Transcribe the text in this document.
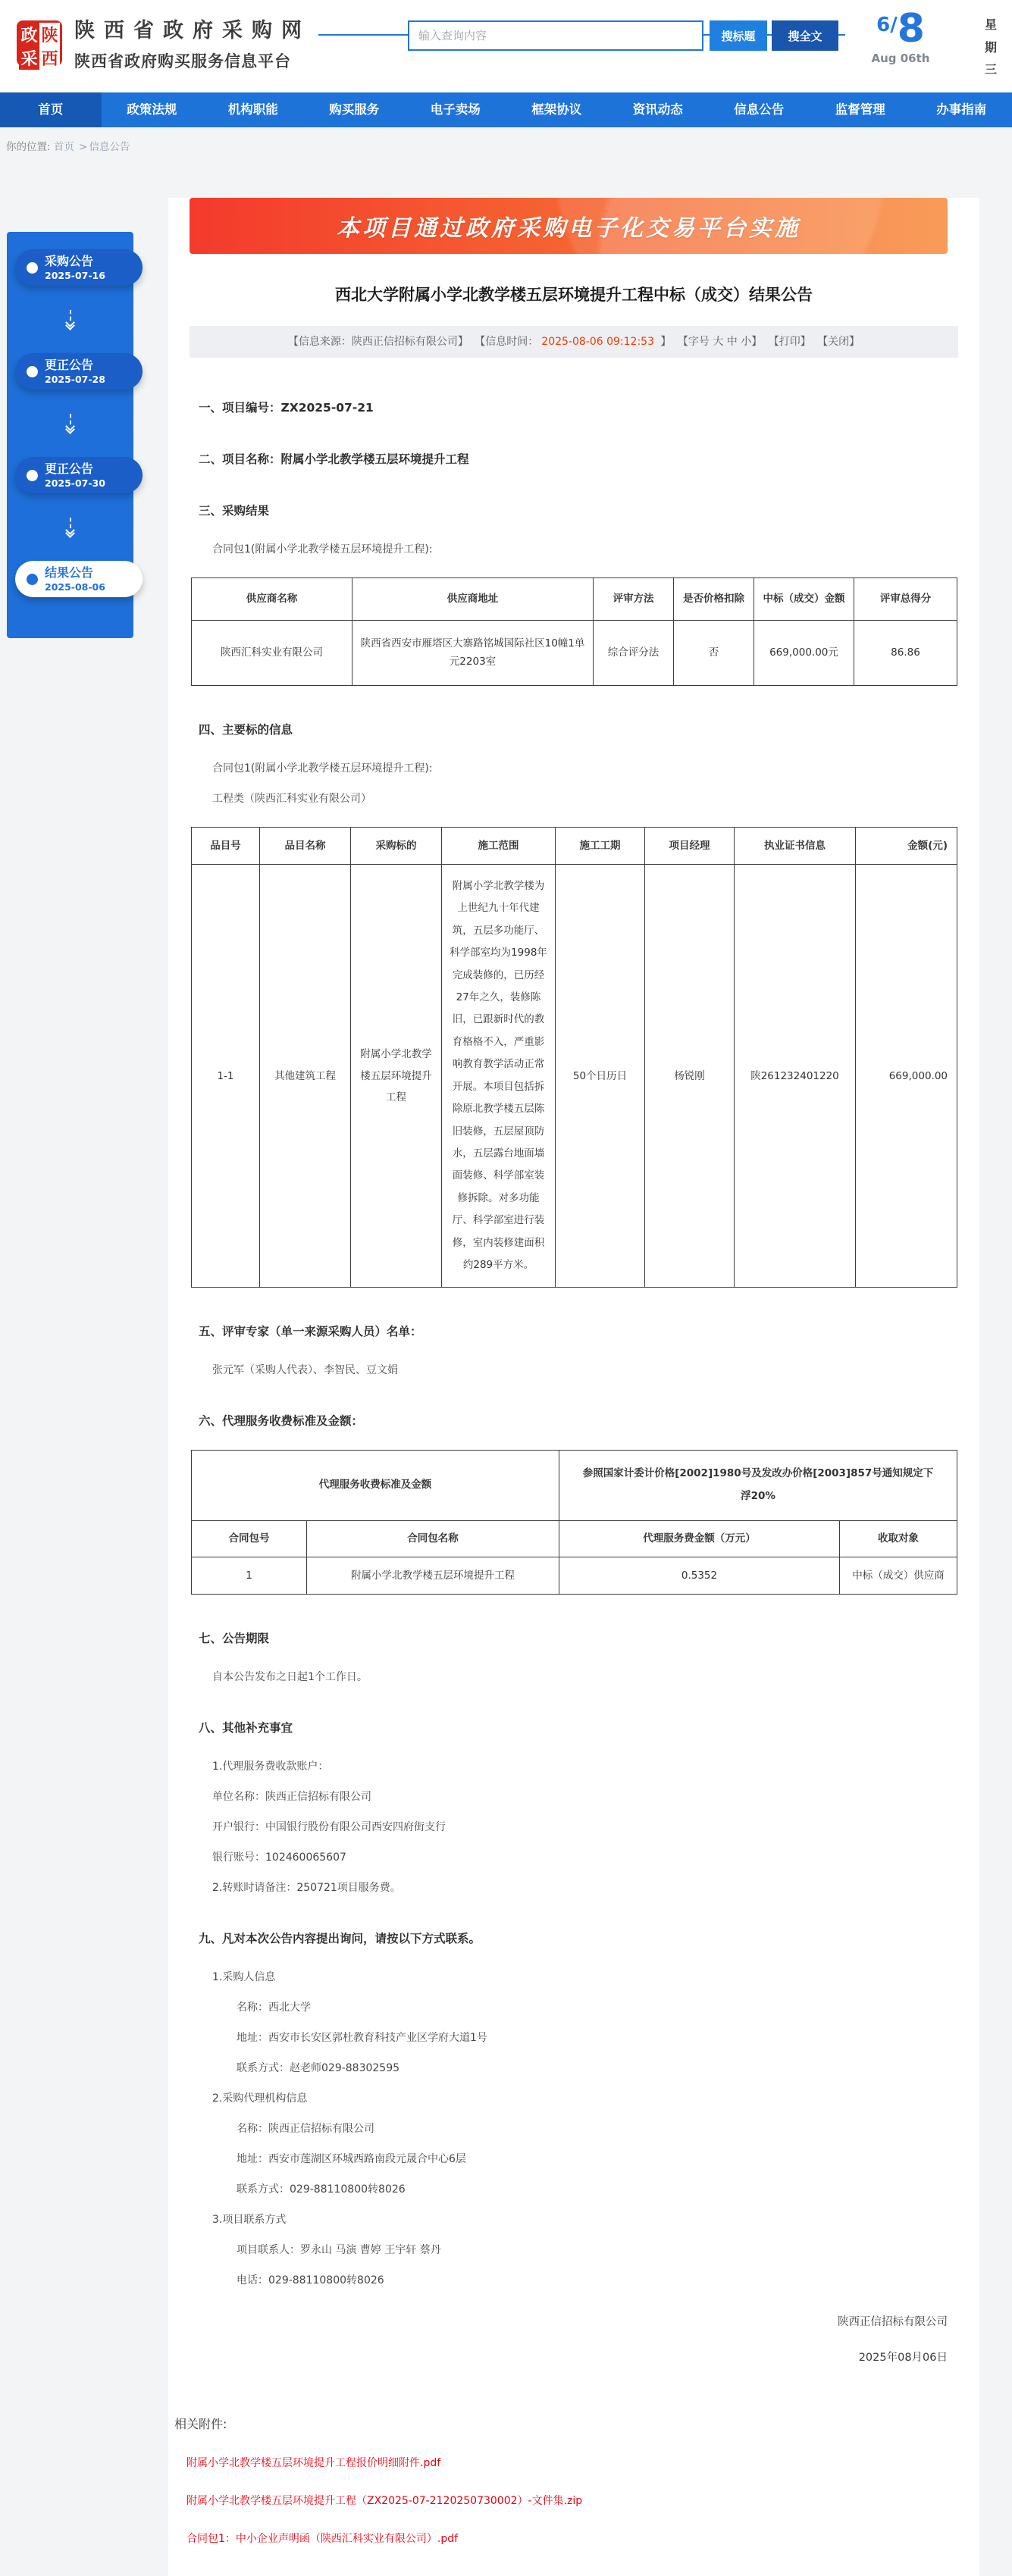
政 陕
采 西
陕西省政府采购网
陕西省政府购买服务信息平台
输入查询内容
搜标题	搜全文	6/8
Aug 06th
星
期
三
首页	政策法规	机构职能	购买服务	电子卖场	框架协议	资讯动态	信息公告	监督管理	办事指南
你的位置: 首页 > 信息公告
采购公告
2025-07-16
更正公告
2025-07-28
更正公告
2025-07-30
结果公告
2025-08-06
本项目通过政府采购电子化交易平台实施
西北大学附属小学北教学楼五层环境提升工程中标（成交）结果公告
【信息来源：陕西正信招标有限公司】 【信息时间： 2025-08-06 09:12:53 】 【字号 大 中 小】 【打印】 【关闭】
一、项目编号：ZX2025-07-21
二、项目名称：附属小学北教学楼五层环境提升工程
三、采购结果
合同包1(附属小学北教学楼五层环境提升工程):
供应商名称	供应商地址	评审方法	是否价格扣除	中标（成交）金额	评审总得分
陕西汇科实业有限公司	陕西省西安市雁塔区大寨路铭城国际社区10幢1单元2203室	综合评分法	否	669,000.00元	86.86
四、主要标的信息
合同包1(附属小学北教学楼五层环境提升工程):
工程类（陕西汇科实业有限公司）
品目号	品目名称	采购标的	施工范围	施工工期	项目经理	执业证书信息	金额(元)
1-1	其他建筑工程	附属小学北教学楼五层环境提升工程	附属小学北教学楼为上世纪九十年代建筑，五层多功能厅、科学部室均为1998年完成装修的，已历经27年之久，装修陈旧，已跟新时代的教育格格不入，严重影响教育教学活动正常开展。本项目包括拆除原北教学楼五层陈旧装修，五层屋顶防水，五层露台地面墙面装修、科学部室装修拆除。对多功能厅、科学部室进行装修，室内装修建面积约289平方米。	50个日历日	杨锐刚	陕261232401220	669,000.00
五、评审专家（单一来源采购人员）名单：
张元军（采购人代表）、李智民、豆文娟
六、代理服务收费标准及金额：
代理服务收费标准及金额		参照国家计委计价格[2002]1980号及发改办价格[2003]857号通知规定下浮20%	
合同包号	合同包名称	代理服务费金额（万元）	收取对象
1	附属小学北教学楼五层环境提升工程	0.5352	中标（成交）供应商
七、公告期限
自本公告发布之日起1个工作日。
八、其他补充事宜
1.代理服务费收款账户：
单位名称：陕西正信招标有限公司
开户银行：中国银行股份有限公司西安四府街支行
银行账号：102460065607
2.转账时请备注：250721项目服务费。
九、凡对本次公告内容提出询问，请按以下方式联系。
1.采购人信息
名称：西北大学
地址：西安市长安区郭杜教育科技产业区学府大道1号
联系方式：赵老师029-88302595
2.采购代理机构信息
名称：陕西正信招标有限公司
地址：西安市莲湖区环城西路南段元晟合中心6层
联系方式：029-88110800转8026
3.项目联系方式
项目联系人：罗永山 马演 曹婷 王宇轩 蔡丹
电话：029-88110800转8026
陕西正信招标有限公司
2025年08月06日
相关附件:
附属小学北教学楼五层环境提升工程报价明细附件.pdf
附属小学北教学楼五层环境提升工程（ZX2025-07-2120250730002）-文件集.zip
合同包1：中小企业声明函（陕西汇科实业有限公司）.pdf
